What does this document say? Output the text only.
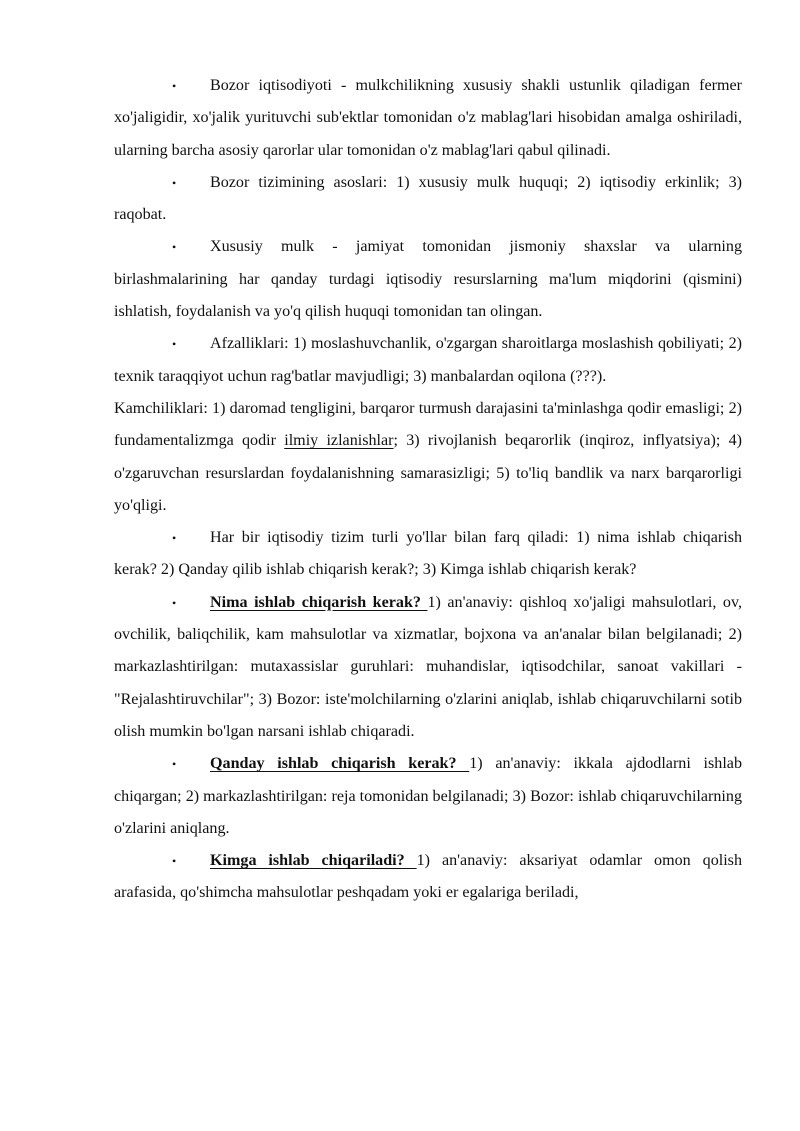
• Bozor iqtisodiyoti - mulkchilikning xususiy shakli ustunlik qiladigan fermer xo'jaligidir, xo'jalik yurituvchi sub'ektlar tomonidan o'z mablag'lari hisobidan amalga oshiriladi, ularning barcha asosiy qarorlar ular tomonidan o'z mablag'lari qabul qilinadi.

• Bozor tizimining asoslari: 1) xususiy mulk huquqi; 2) iqtisodiy erkinlik; 3) raqobat.

• Xususiy mulk - jamiyat tomonidan jismoniy shaxslar va ularning birlashmalarining har qanday turdagi iqtisodiy resurslarning ma'lum miqdorini (qismini) ishlatish, foydalanish va yo'q qilish huquqi tomonidan tan olingan.

• Afzalliklari: 1) moslashuvchanlik, o'zgargan sharoitlarga moslashish qobiliyati; 2) texnik taraqqiyot uchun rag'batlar mavjudligi; 3) manbalardan oqilona (???).

Kamchiliklari: 1) daromad tengligini, barqaror turmush darajasini ta'minlashga qodir emasligi; 2) fundamentalizmga qodir ilmiy izlanishlar; 3) rivojlanish beqarorlik (inqiroz, inflyatsiya); 4) o'zgaruvchan resurslardan foydalanishning samarasizligi; 5) to'liq bandlik va narx barqarorligi yo'qligi.

• Har bir iqtisodiy tizim turli yo'llar bilan farq qiladi: 1) nima ishlab chiqarish kerak? 2) Qanday qilib ishlab chiqarish kerak?; 3) Kimga ishlab chiqarish kerak?

• Nima ishlab chiqarish kerak? 1) an'anaviy: qishloq xo'jaligi mahsulotlari, ov, ovchilik, baliqchilik, kam mahsulotlar va xizmatlar, bojxona va an'analar bilan belgilanadi; 2) markazlashtirilgan: mutaxassislar guruhlari: muhandislar, iqtisodchilar, sanoat vakillari - "Rejalashtiruvchilar"; 3) Bozor: iste'molchilarning o'zlarini aniqlab, ishlab chiqaruvchilarni sotib olish mumkin bo'lgan narsani ishlab chiqaradi.

• Qanday ishlab chiqarish kerak? 1) an'anaviy: ikkala ajdodlarni ishlab chiqargan; 2) markazlashtirilgan: reja tomonidan belgilanadi; 3) Bozor: ishlab chiqaruvchilarning o'zlarini aniqlang.

• Kimga ishlab chiqariladi? 1) an'anaviy: aksariyat odamlar omon qolish arafasida, qo'shimcha mahsulotlar peshqadam yoki er egalariga beriladi,
